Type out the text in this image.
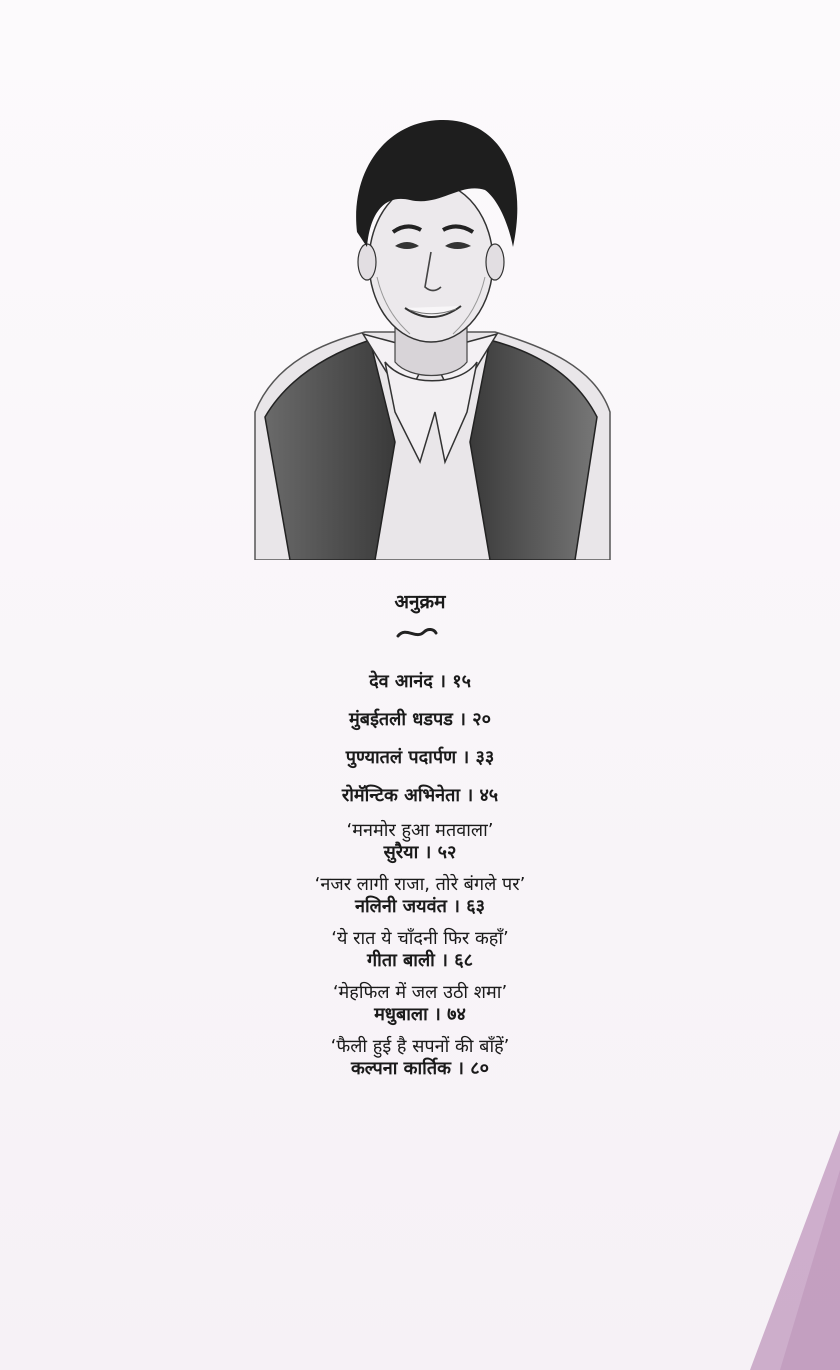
अनुक्रम
देव आनंद । १५
मुंबईतली धडपड । २०
पुण्यातलं पदार्पण । ३३
रोमॅन्टिक अभिनेता । ४५
‘मनमोर हुआ मतवाला’
सुरैया । ५२
‘नजर लागी राजा, तोरे बंगले पर’
नलिनी जयवंत । ६३
‘ये रात ये चाँदनी फिर कहाँ’
गीता बाली । ६८
‘मेहफिल में जल उठी शमा’
मधुबाला । ७४
‘फैली हुई है सपनों की बाँहें’
कल्पना कार्तिक । ८०
